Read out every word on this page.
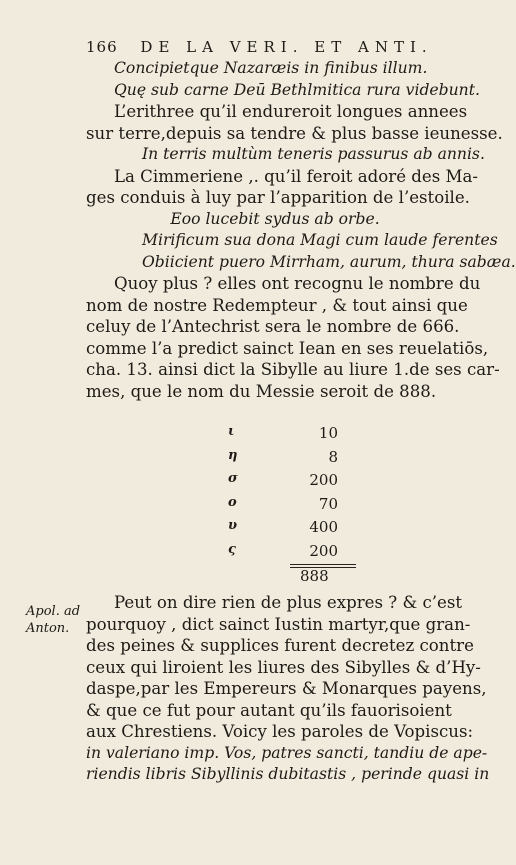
166 DE LA VERI. ET ANTI.
Concipietque Nazaræis in finibus illum.
Quę sub carne Deū Bethlmitica rura videbunt.
L’erithree qu’il endureroit longues annees
sur terre,depuis sa tendre & plus basse ieunesse.
In terris multùm teneris passurus ab annis.
La Cimmeriene ,. qu’il feroit adoré des Ma-
ges conduis à luy par l’apparition de l’estoile.
Eoo lucebit sydus ab orbe.
Mirificum sua dona Magi cum laude ferentes
Obiicient puero Mirrham, aurum, thura sabæa.
Quoy plus ? elles ont recognu le nombre du
nom de nostre Redempteur , & tout ainsi que
celuy de l’Antechrist sera le nombre de 666.
comme l’a predict sainct Iean en ses reuelatiōs,
cha. 13. ainsi dict la Sibylle au liure 1.de ses car-
mes, que le nom du Messie seroit de 888.
ι	10
η	8
σ	200
ο	70
υ	400
ς	200
888
Apol. ad
Anton.
Peut on dire rien de plus expres ? & c’est
pourquoy , dict sainct Iustin martyr,que gran-
des peines & supplices furent decretez contre
ceux qui liroient les liures des Sibylles & d’Hy-
daspe,par les Empereurs & Monarques payens,
& que ce fut pour autant qu’ils fauorisoient
aux Chrestiens. Voicy les paroles de Vopiscus:
in valeriano imp. Vos, patres sancti, tandiu de ape-
riendis libris Sibyllinis dubitastis , perinde quasi in
